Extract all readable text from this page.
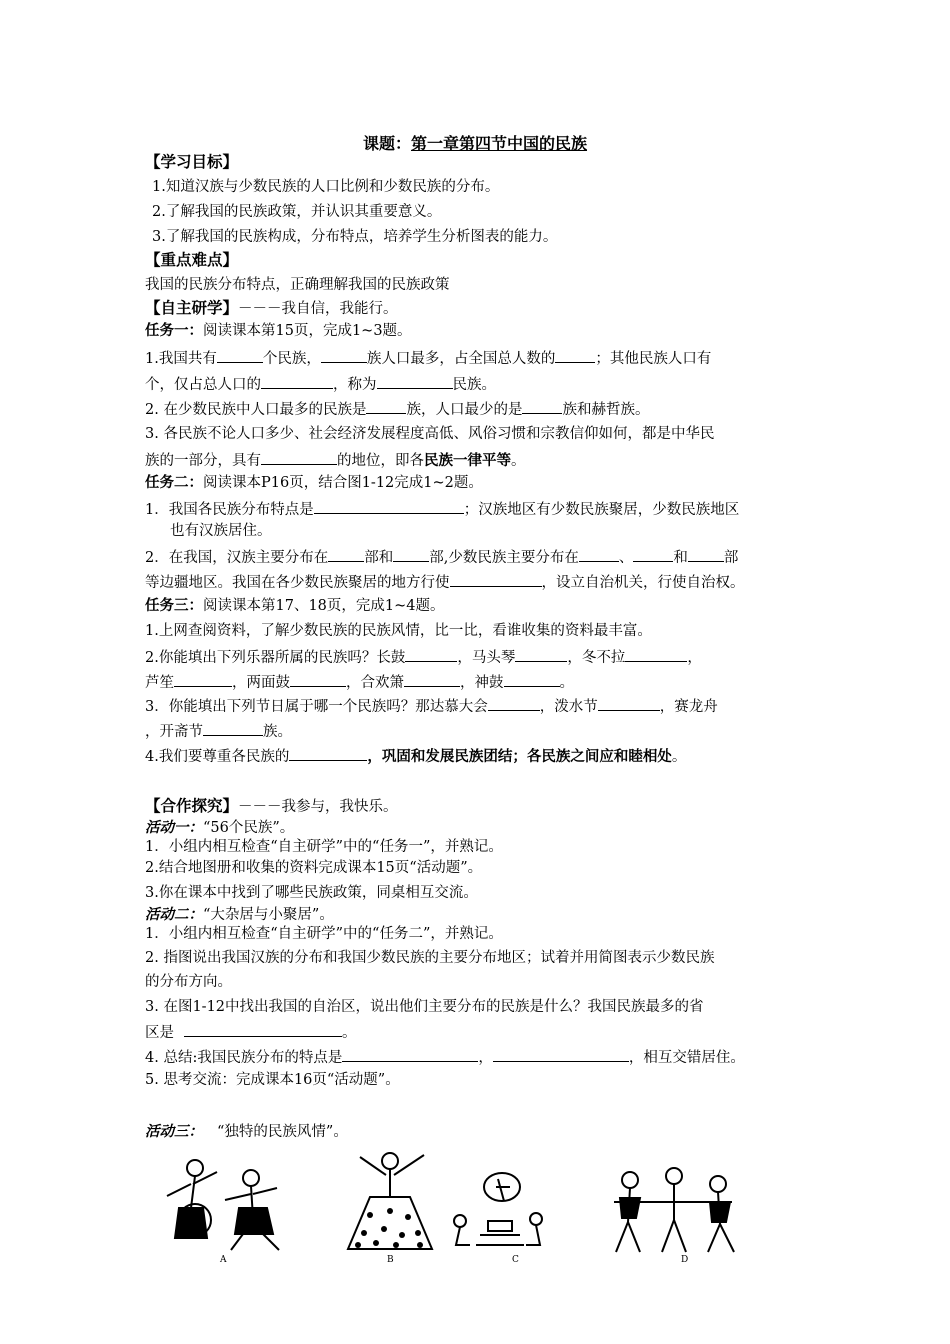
课题：第一章第四节中国的民族
【学习目标】
1.知道汉族与少数民族的人口比例和少数民族的分布。
2.了解我国的民族政策，并认识其重要意义。
3.了解我国的民族构成，分布特点，培养学生分析图表的能力。
【重点难点】
我国的民族分布特点，正确理解我国的民族政策
【自主研学】－－－我自信，我能行。
任务一：阅读课本第15页，完成1~3题。
1.我国共有	个民族，	族人口最多，占全国总人数的	；其他民族人口有
个，仅占总人口的	，称为	民族。
2. 在少数民族中人口最多的民族是	族，人口最少的是	族和赫哲族。
3. 各民族不论人口多少、社会经济发展程度高低、风俗习惯和宗教信仰如何，都是中华民
族的一部分，具有	的地位，即各民族一律平等。
任务二：阅读课本P16页，结合图1-12完成1~2题。
1．我国各民族分布特点是	；汉族地区有少数民族聚居，少数民族地区
也有汉族居住。
2．在我国，汉族主要分布在 部和 部,少数民族主要分布在	、	和 部
等边疆地区。我国在各少数民族聚居的地方行使	，设立自治机关，行使自治权。
任务三：阅读课本第17、18页，完成1~4题。
1.上网查阅资料，了解少数民族的民族风情，比一比，看谁收集的资料最丰富。
2.你能填出下列乐器所属的民族吗？长鼓	，马头琴	，冬不拉	，
芦笙	，两面鼓	，合欢箫	，神鼓	。
3．你能填出下列节日属于哪一个民族吗？那达慕大会	，泼水节	，赛龙舟
，开斋节	族。
4.我们要尊重各民族的	，巩固和发展民族团结；各民族之间应和睦相处。
【合作探究】－－－我参与，我快乐。
活动一：“56个民族”。
1．小组内相互检查“自主研学”中的“任务一”，并熟记。
2.结合地图册和收集的资料完成课本15页“活动题”。
3.你在课本中找到了哪些民族政策，同桌相互交流。
活动二：“大杂居与小聚居”。
1．小组内相互检查“自主研学”中的“任务二”，并熟记。
2. 指图说出我国汉族的分布和我国少数民族的主要分布地区；试着并用简图表示少数民族
的分布方向。
3. 在图1-12中找出我国的自治区，说出他们主要分布的民族是什么？我国民族最多的省
区是	。
4. 总结:我国民族分布的特点是	，	，相互交错居住。
5. 思考交流：完成课本16页“活动题”。
活动三： “独特的民族风情”。
A	B	C	D
